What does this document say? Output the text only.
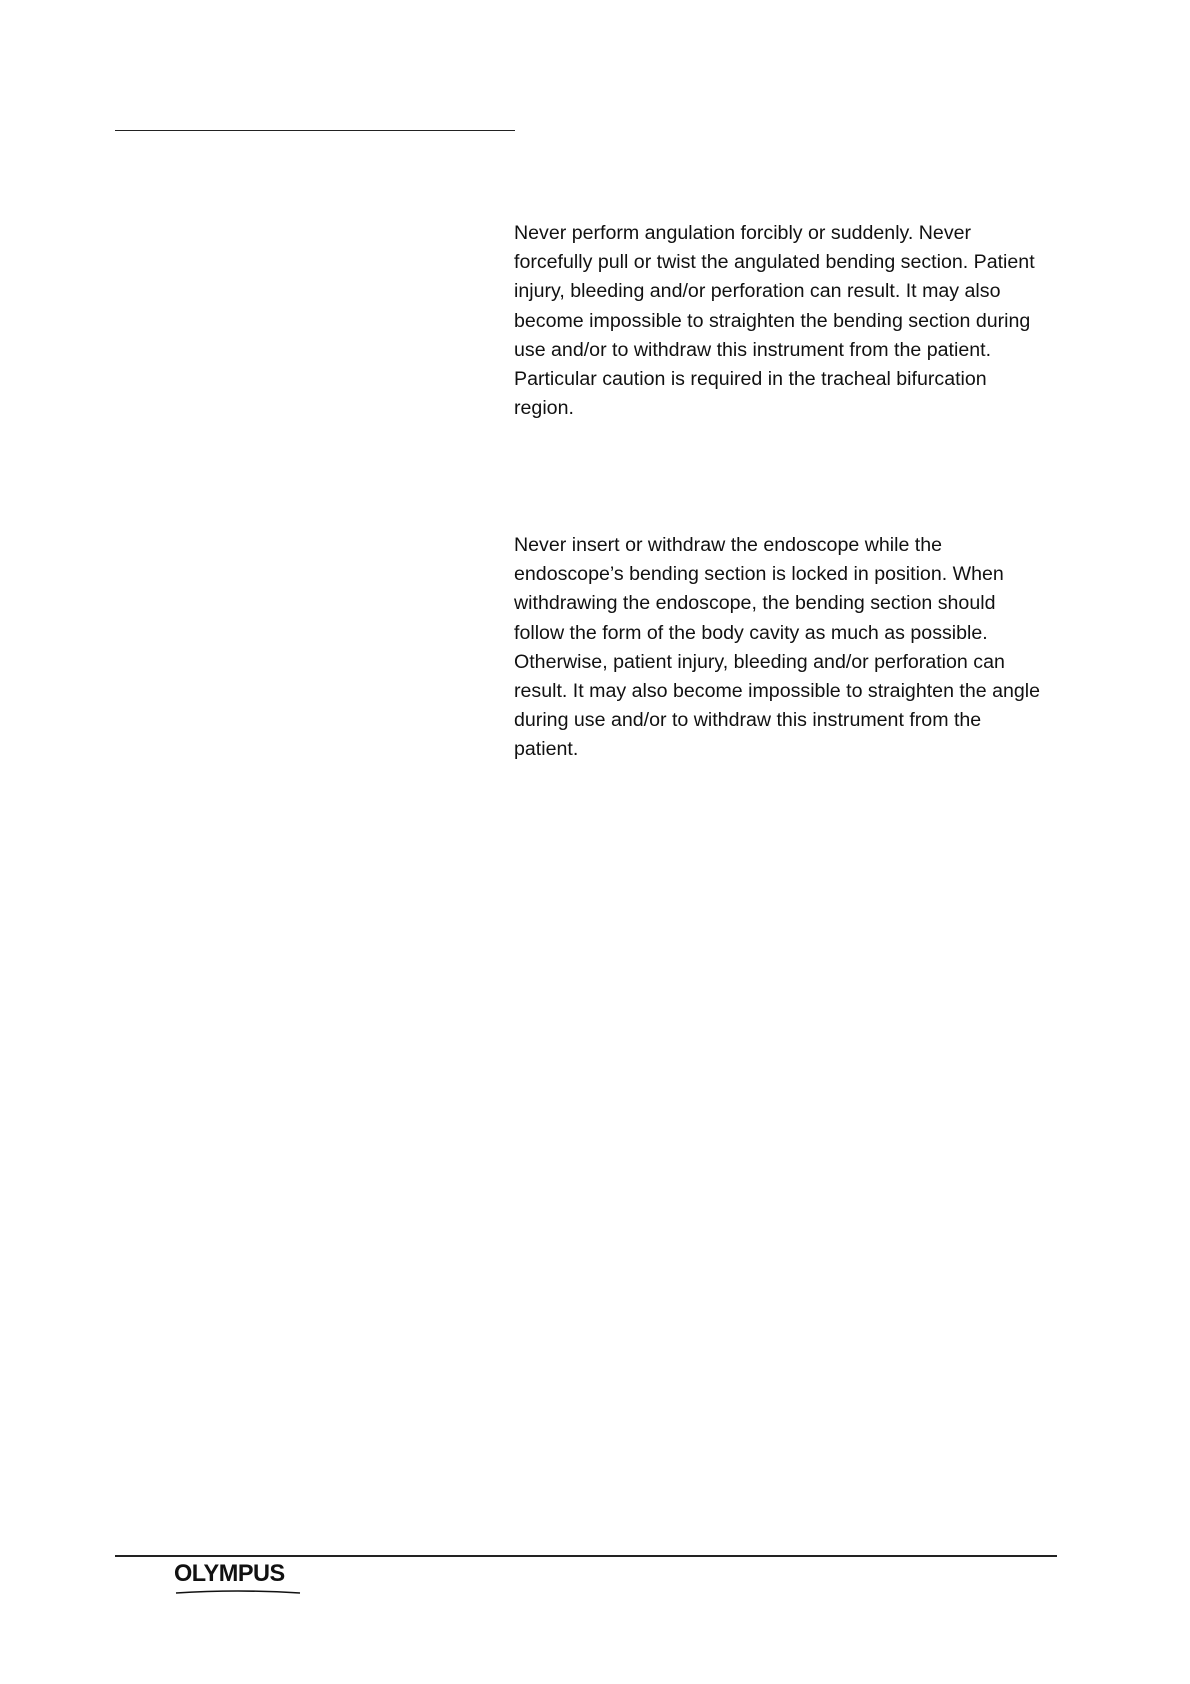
Never perform angulation forcibly or suddenly. Never
forcefully pull or twist the angulated bending section. Patient
injury, bleeding and/or perforation can result. It may also
become impossible to straighten the bending section during
use and/or to withdraw this instrument from the patient.
Particular caution is required in the tracheal bifurcation
region.

Never insert or withdraw the endoscope while the
endoscope’s bending section is locked in position. When
withdrawing the endoscope, the bending section should
follow the form of the body cavity as much as possible.
Otherwise, patient injury, bleeding and/or perforation can
result. It may also become impossible to straighten the angle
during use and/or to withdraw this instrument from the
patient.

OLYMPUS
